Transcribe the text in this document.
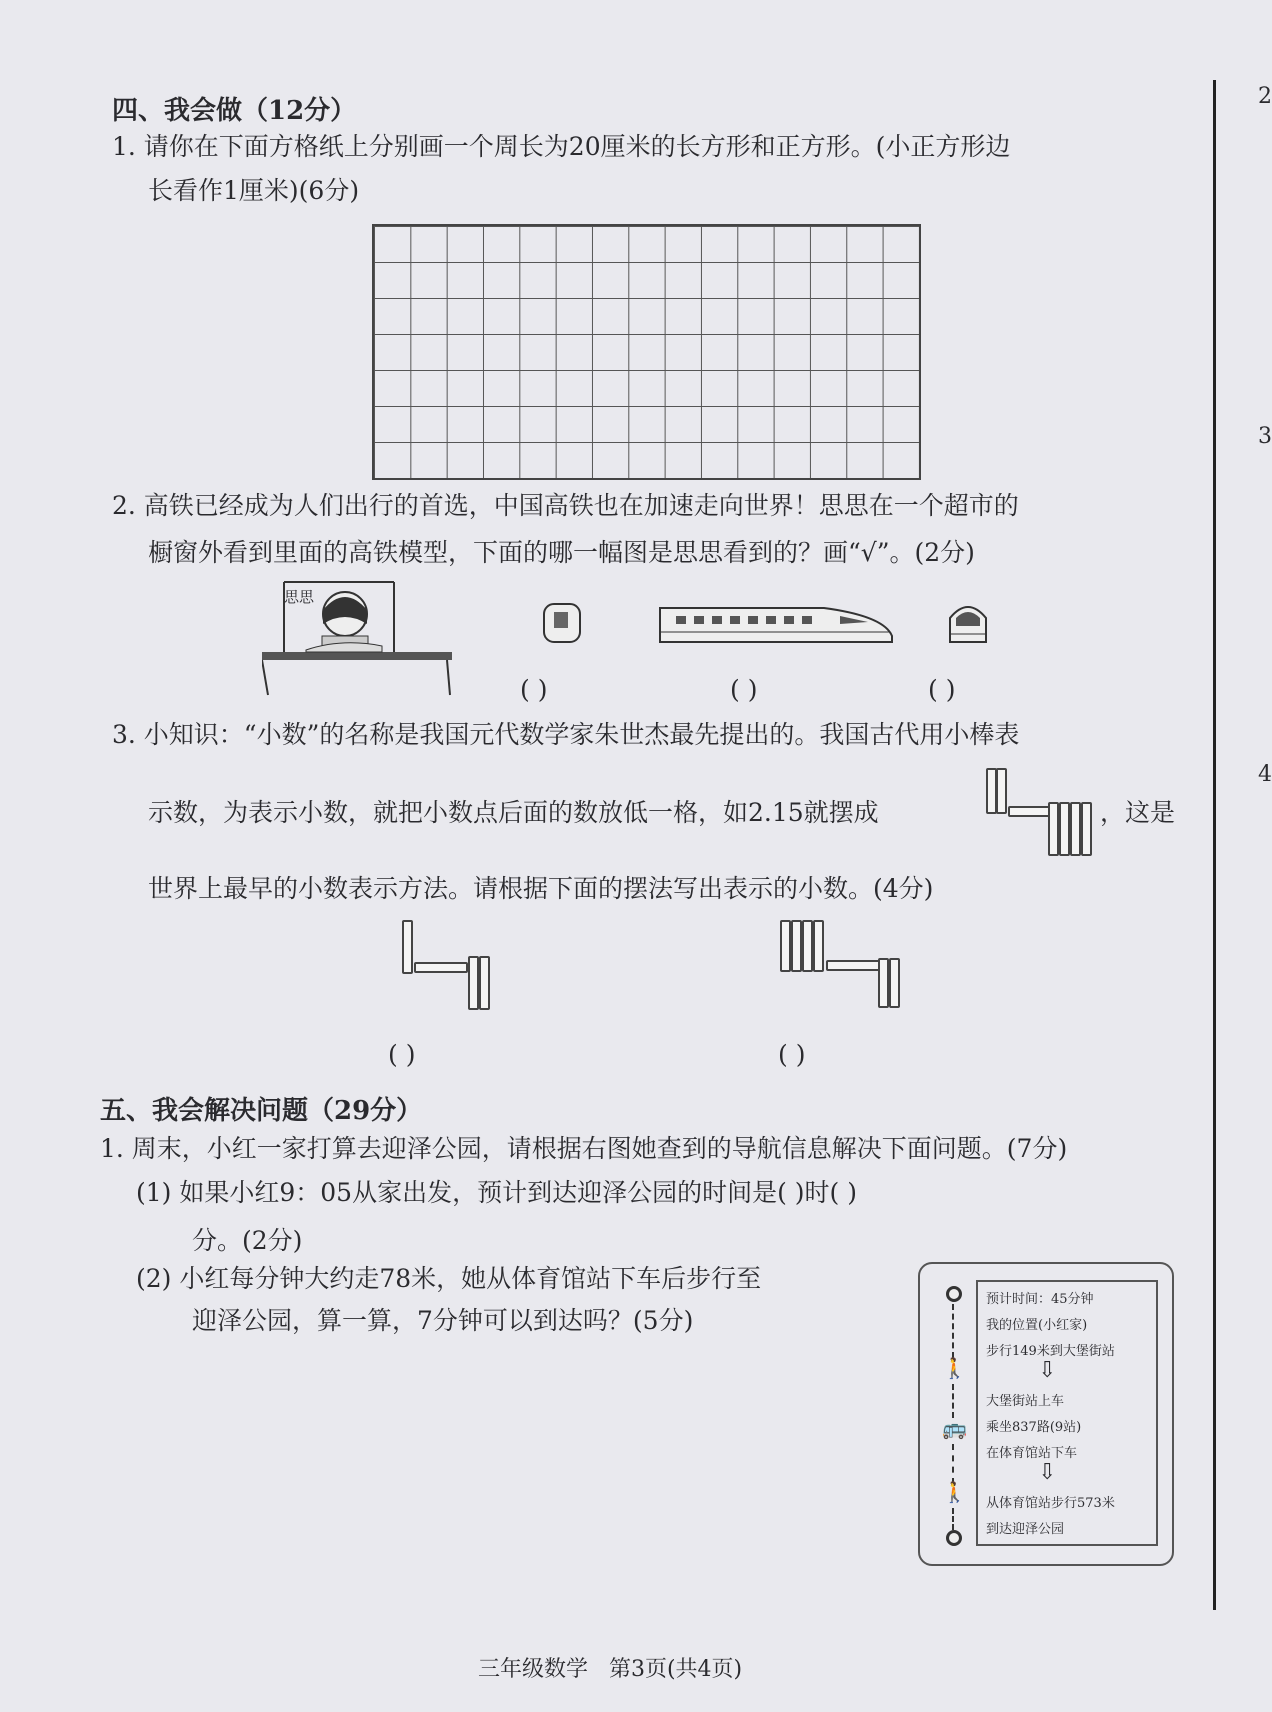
四、我会做（12分）
1. 请你在下面方格纸上分别画一个周长为20厘米的长方形和正方形。(小正方形边
长看作1厘米)(6分)
2. 高铁已经成为人们出行的首选，中国高铁也在加速走向世界！思思在一个超市的
橱窗外看到里面的高铁模型，下面的哪一幅图是思思看到的？画“√”。(2分)
思思
( )	( )	( )
3. 小知识：“小数”的名称是我国元代数学家朱世杰最先提出的。我国古代用小棒表
示数，为表示小数，就把小数点后面的数放低一格，如2.15就摆成	，这是
世界上最早的小数表示方法。请根据下面的摆法写出表示的小数。(4分)
( )	( )
五、我会解决问题（29分）
1. 周末，小红一家打算去迎泽公园，请根据右图她查到的导航信息解决下面问题。(7分)
(1) 如果小红9：05从家出发，预计到达迎泽公园的时间是( )时( )
分。(2分)
(2) 小红每分钟大约走78米，她从体育馆站下车后步行至
迎泽公园，算一算，7分钟可以到达吗？(5分)
🚶
🚌
🚶
预计时间：45分钟
我的位置(小红家)
步行149米到大堡街站
⇩
大堡街站上车
乘坐837路(9站)
在体育馆站下车
⇩
从体育馆站步行573米
到达迎泽公园
三年级数学   第3页(共4页)
2
3
4
